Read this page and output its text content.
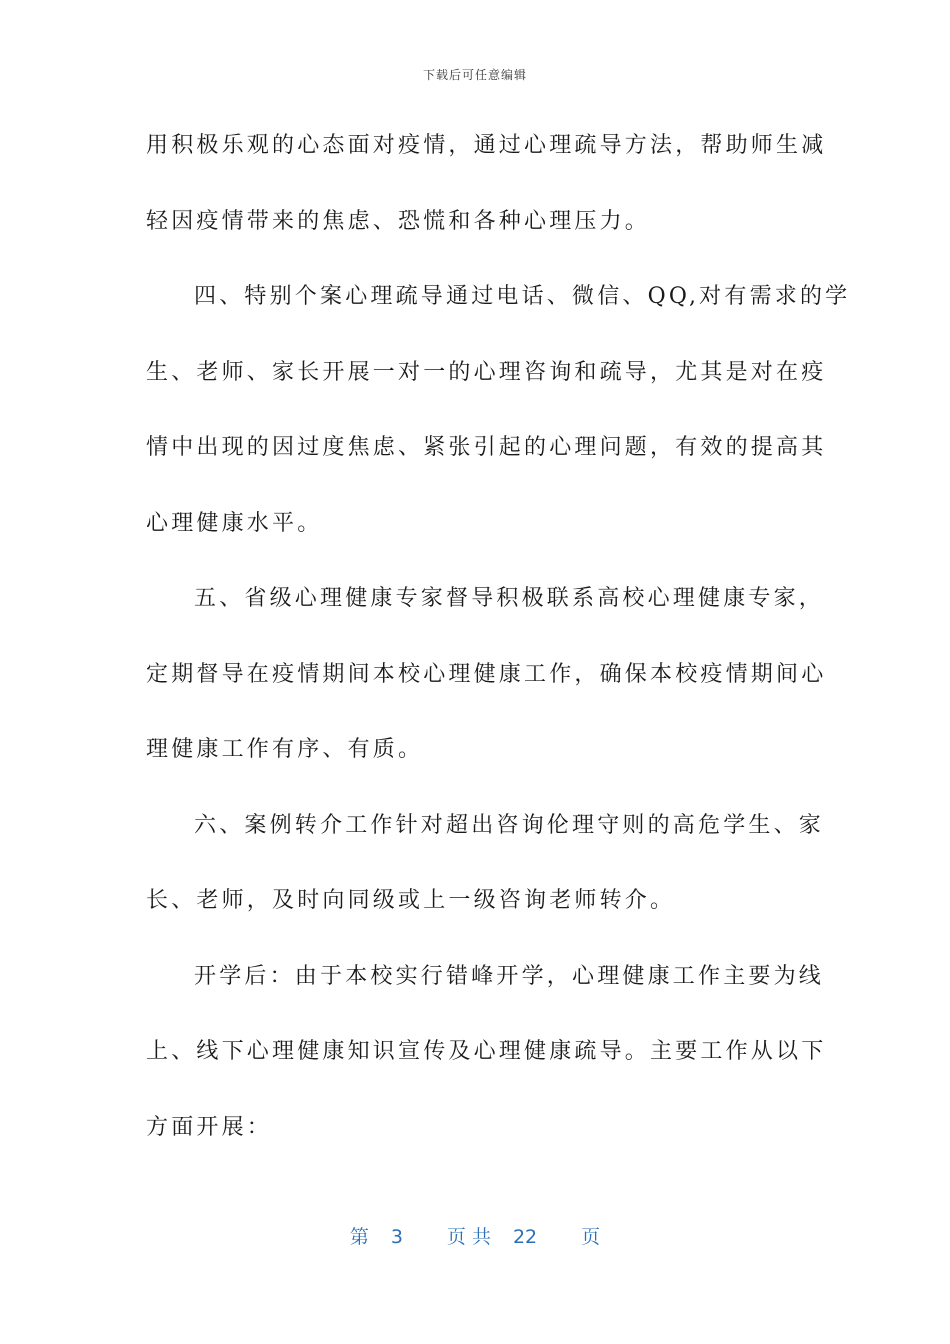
下载后可任意编辑
用积极乐观的心态面对疫情，通过心理疏导方法，帮助师生减
轻因疫情带来的焦虑、恐慌和各种心理压力。
四、特别个案心理疏导通过电话、微信、QQ,对有需求的学
生、老师、家长开展一对一的心理咨询和疏导，尤其是对在疫
情中出现的因过度焦虑、紧张引起的心理问题，有效的提高其
心理健康水平。
五、省级心理健康专家督导积极联系高校心理健康专家，
定期督导在疫情期间本校心理健康工作，确保本校疫情期间心
理健康工作有序、有质。
六、案例转介工作针对超出咨询伦理守则的高危学生、家
长、老师，及时向同级或上一级咨询老师转介。
开学后：由于本校实行错峰开学，心理健康工作主要为线
上、线下心理健康知识宣传及心理健康疏导。主要工作从以下
方面开展：
第 3 页 共 22 页
